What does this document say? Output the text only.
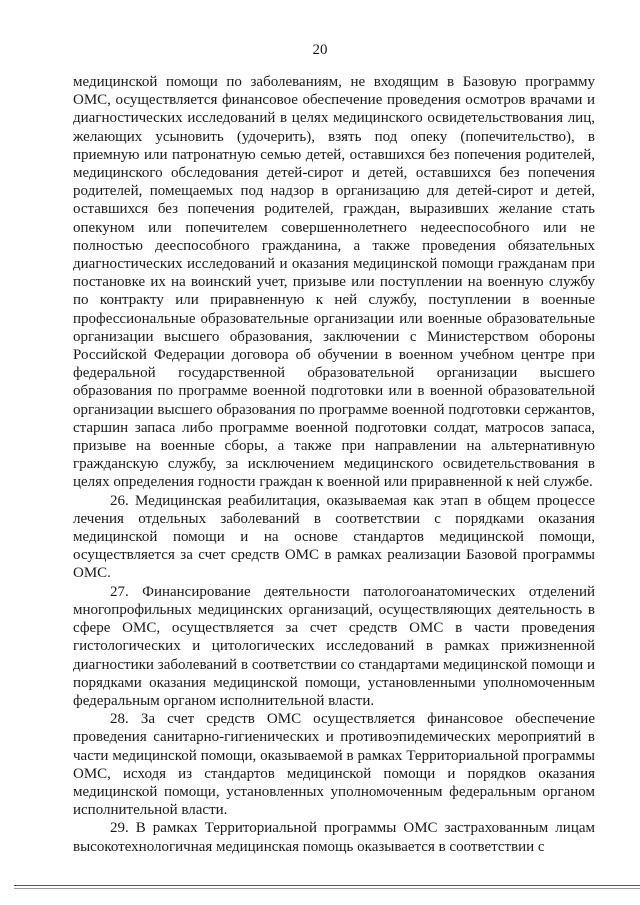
20

медицинской помощи по заболеваниям, не входящим в Базовую программу ОМС, осуществляется финансовое обеспечение проведения осмотров врачами и диагностических исследований в целях медицинского освидетельствования лиц, желающих усыновить (удочерить), взять под опеку (попечительство), в приемную или патронатную семью детей, оставшихся без попечения родителей, медицинского обследования детей-сирот и детей, оставшихся без попечения родителей, помещаемых под надзор в организацию для детей-сирот и детей, оставшихся без попечения родителей, граждан, выразивших желание стать опекуном или попечителем совершеннолетнего недееспособного или не полностью дееспособного гражданина, а также проведения обязательных диагностических исследований и оказания медицинской помощи гражданам при постановке их на воинский учет, призыве или поступлении на военную службу по контракту или приравненную к ней службу, поступлении в военные профессиональные образовательные организации или военные образовательные организации высшего образования, заключении с Министерством обороны Российской Федерации договора об обучении в военном учебном центре при федеральной государственной образовательной организации высшего образования по программе военной подготовки или в военной образовательной организации высшего образования по программе военной подготовки сержантов, старшин запаса либо программе военной подготовки солдат, матросов запаса, призыве на военные сборы, а также при направлении на альтернативную гражданскую службу, за исключением медицинского освидетельствования в целях определения годности граждан к военной или приравненной к ней службе.

26. Медицинская реабилитация, оказываемая как этап в общем процессе лечения отдельных заболеваний в соответствии с порядками оказания медицинской помощи и на основе стандартов медицинской помощи, осуществляется за счет средств ОМС в рамках реализации Базовой программы ОМС.

27. Финансирование деятельности патологоанатомических отделений многопрофильных медицинских организаций, осуществляющих деятельность в сфере ОМС, осуществляется за счет средств ОМС в части проведения гистологических и цитологических исследований в рамках прижизненной диагностики заболеваний в соответствии со стандартами медицинской помощи и порядками оказания медицинской помощи, установленными уполномоченным федеральным органом исполнительной власти.

28. За счет средств ОМС осуществляется финансовое обеспечение проведения санитарно-гигиенических и противоэпидемических мероприятий в части медицинской помощи, оказываемой в рамках Территориальной программы ОМС, исходя из стандартов медицинской помощи и порядков оказания медицинской помощи, установленных уполномоченным федеральным органом исполнительной власти.

29. В рамках Территориальной программы ОМС застрахованным лицам высокотехнологичная медицинская помощь оказывается в соответствии с
